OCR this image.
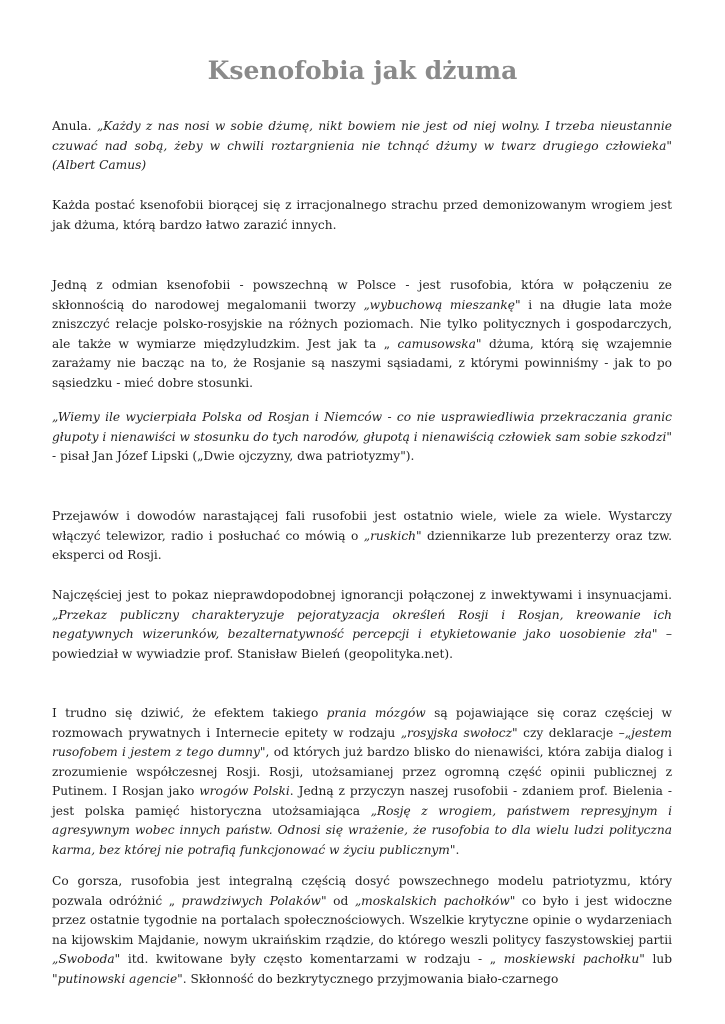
Ksenofobia jak dżuma

Anula. „Każdy z nas nosi w sobie dżumę, nikt bowiem nie jest od niej wolny. I trzeba nieustannie czuwać nad sobą, żeby w chwili roztargnienia nie tchnąć dżumy w twarz drugiego człowieka" (Albert Camus)

Każda postać ksenofobii biorącej się z irracjonalnego strachu przed demonizowanym wrogiem jest jak dżuma, którą bardzo łatwo zarazić innych.

Jedną z odmian ksenofobii - powszechną w Polsce - jest rusofobia, która w połączeniu ze skłonnością do narodowej megalomanii tworzy „wybuchową mieszankę" i na długie lata może zniszczyć relacje polsko-rosyjskie na różnych poziomach. Nie tylko politycznych i gospodarczych, ale także w wymiarze międzyludzkim. Jest jak ta „ camusowska" dżuma, którą się wzajemnie zarażamy nie bacząc na to, że Rosjanie są naszymi sąsiadami, z którymi powinniśmy - jak to po sąsiedzku - mieć dobre stosunki.

„Wiemy ile wycierpiała Polska od Rosjan i Niemców - co nie usprawiedliwia przekraczania granic głupoty i nienawiści w stosunku do tych narodów, głupotą i nienawiścią człowiek sam sobie szkodzi" - pisał Jan Józef Lipski („Dwie ojczyzny, dwa patriotyzmy").

Przejawów i dowodów narastającej fali rusofobii jest ostatnio wiele, wiele za wiele. Wystarczy włączyć telewizor, radio i posłuchać co mówią o „ruskich" dziennikarze lub prezenterzy oraz tzw. eksperci od Rosji.

Najczęściej jest to pokaz nieprawdopodobnej ignorancji połączonej z inwektywami i insynuacjami. „Przekaz publiczny charakteryzuje pejoratyzacja określeń Rosji i Rosjan, kreowanie ich negatywnych wizerunków, bezalternatywność percepcji i etykietowanie jako uosobienie zła" – powiedział w wywiadzie prof. Stanisław Bieleń (geopolityka.net).

I trudno się dziwić, że efektem takiego prania mózgów są pojawiające się coraz częściej w rozmowach prywatnych i Internecie epitety w rodzaju „rosyjska swołocz" czy deklaracje –„jestem rusofobem i jestem z tego dumny", od których już bardzo blisko do nienawiści, która zabija dialog i zrozumienie współczesnej Rosji. Rosji, utożsamianej przez ogromną część opinii publicznej z Putinem. I Rosjan jako wrogów Polski. Jedną z przyczyn naszej rusofobii - zdaniem prof. Bielenia - jest polska pamięć historyczna utożsamiająca „Rosję z wrogiem, państwem represyjnym i agresywnym wobec innych państw. Odnosi się wrażenie, że rusofobia to dla wielu ludzi polityczna karma, bez której nie potrafią funkcjonować w życiu publicznym".

Co gorsza, rusofobia jest integralną częścią dosyć powszechnego modelu patriotyzmu, który pozwala odróżnić „ prawdziwych Polaków" od „moskalskich pachołków" co było i jest widoczne przez ostatnie tygodnie na portalach społecznościowych. Wszelkie krytyczne opinie o wydarzeniach na kijowskim Majdanie, nowym ukraińskim rządzie, do którego weszli politycy faszystowskiej partii „Swoboda" itd. kwitowane były często komentarzami w rodzaju - „ moskiewski pachołku" lub "putinowski agencie". Skłonność do bezkrytycznego przyjmowania biało-czarnego
